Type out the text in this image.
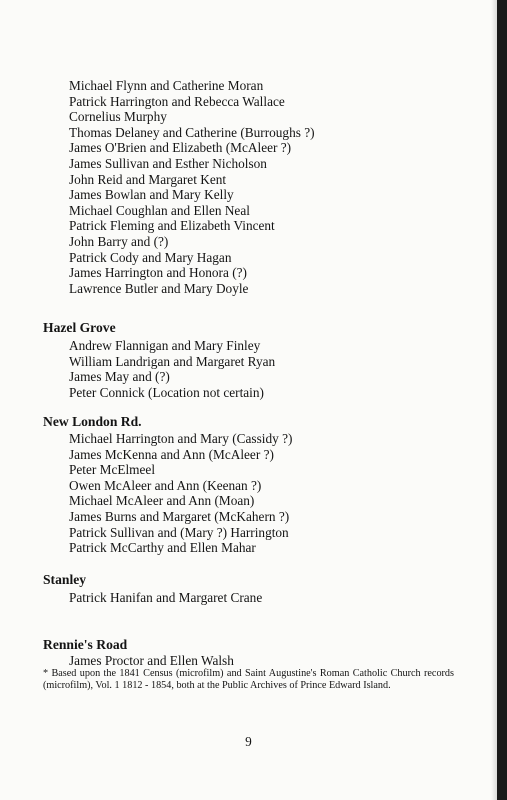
Michael Flynn and Catherine Moran
Patrick Harrington and Rebecca Wallace
Cornelius Murphy
Thomas Delaney and Catherine (Burroughs ?)
James O'Brien and Elizabeth (McAleer ?)
James Sullivan and Esther Nicholson
John Reid and Margaret Kent
James Bowlan and Mary Kelly
Michael Coughlan and Ellen Neal
Patrick Fleming and Elizabeth Vincent
John Barry and (?)
Patrick Cody and Mary Hagan
James Harrington and Honora (?)
Lawrence Butler and Mary Doyle
Hazel Grove
Andrew Flannigan and Mary Finley
William Landrigan and Margaret Ryan
James May and (?)
Peter Connick (Location not certain)
New London Rd.
Michael Harrington and Mary (Cassidy ?)
James McKenna and Ann (McAleer ?)
Peter McElmeel
Owen McAleer and Ann (Keenan ?)
Michael McAleer and Ann (Moan)
James Burns and Margaret (McKahern ?)
Patrick Sullivan and (Mary ?) Harrington
Patrick McCarthy and Ellen Mahar
Stanley
Patrick Hanifan and Margaret Crane
Rennie's Road
James Proctor and Ellen Walsh

* Based upon the 1841 Census (microfilm) and Saint Augustine's Roman Catholic Church records (microfilm), Vol. 1 1812 - 1854, both at the Public Archives of Prince Edward Island.

9
